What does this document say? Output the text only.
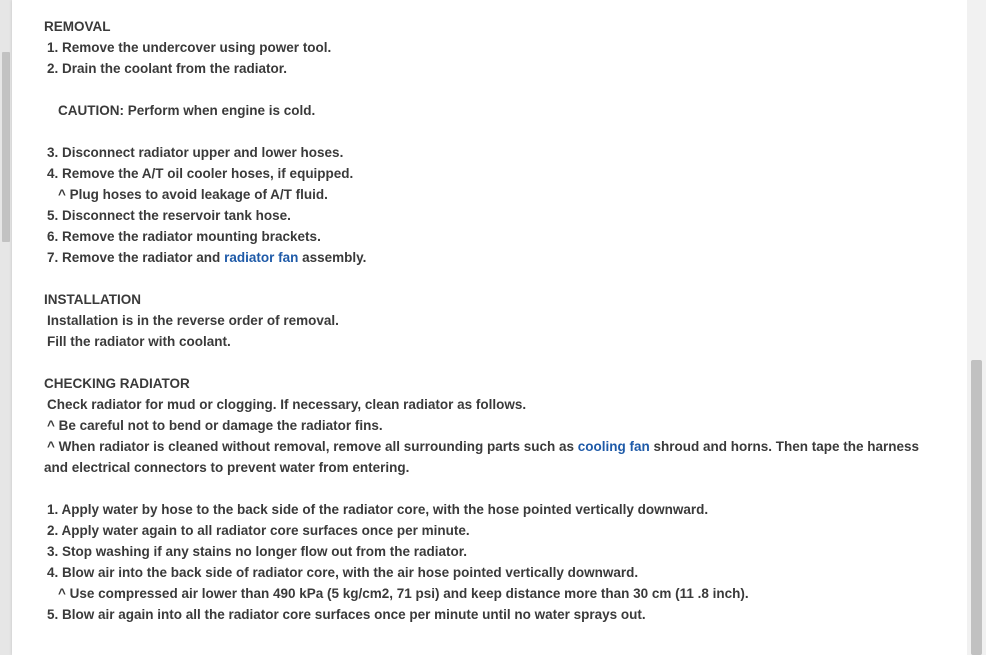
REMOVAL
1. Remove the undercover using power tool.
2. Drain the coolant from the radiator.
CAUTION: Perform when engine is cold.
3. Disconnect radiator upper and lower hoses.
4. Remove the A/T oil cooler hoses, if equipped.
^ Plug hoses to avoid leakage of A/T fluid.
5. Disconnect the reservoir tank hose.
6. Remove the radiator mounting brackets.
7. Remove the radiator and radiator fan assembly.
INSTALLATION
Installation is in the reverse order of removal.
Fill the radiator with coolant.
CHECKING RADIATOR
Check radiator for mud or clogging. If necessary, clean radiator as follows.
^ Be careful not to bend or damage the radiator fins.
^ When radiator is cleaned without removal, remove all surrounding parts such as cooling fan shroud and horns. Then tape the harness and electrical connectors to prevent water from entering.
1. Apply water by hose to the back side of the radiator core, with the hose pointed vertically downward.
2. Apply water again to all radiator core surfaces once per minute.
3. Stop washing if any stains no longer flow out from the radiator.
4. Blow air into the back side of radiator core, with the air hose pointed vertically downward.
^ Use compressed air lower than 490 kPa (5 kg/cm2, 71 psi) and keep distance more than 30 cm (11 .8 inch).
5. Blow air again into all the radiator core surfaces once per minute until no water sprays out.
